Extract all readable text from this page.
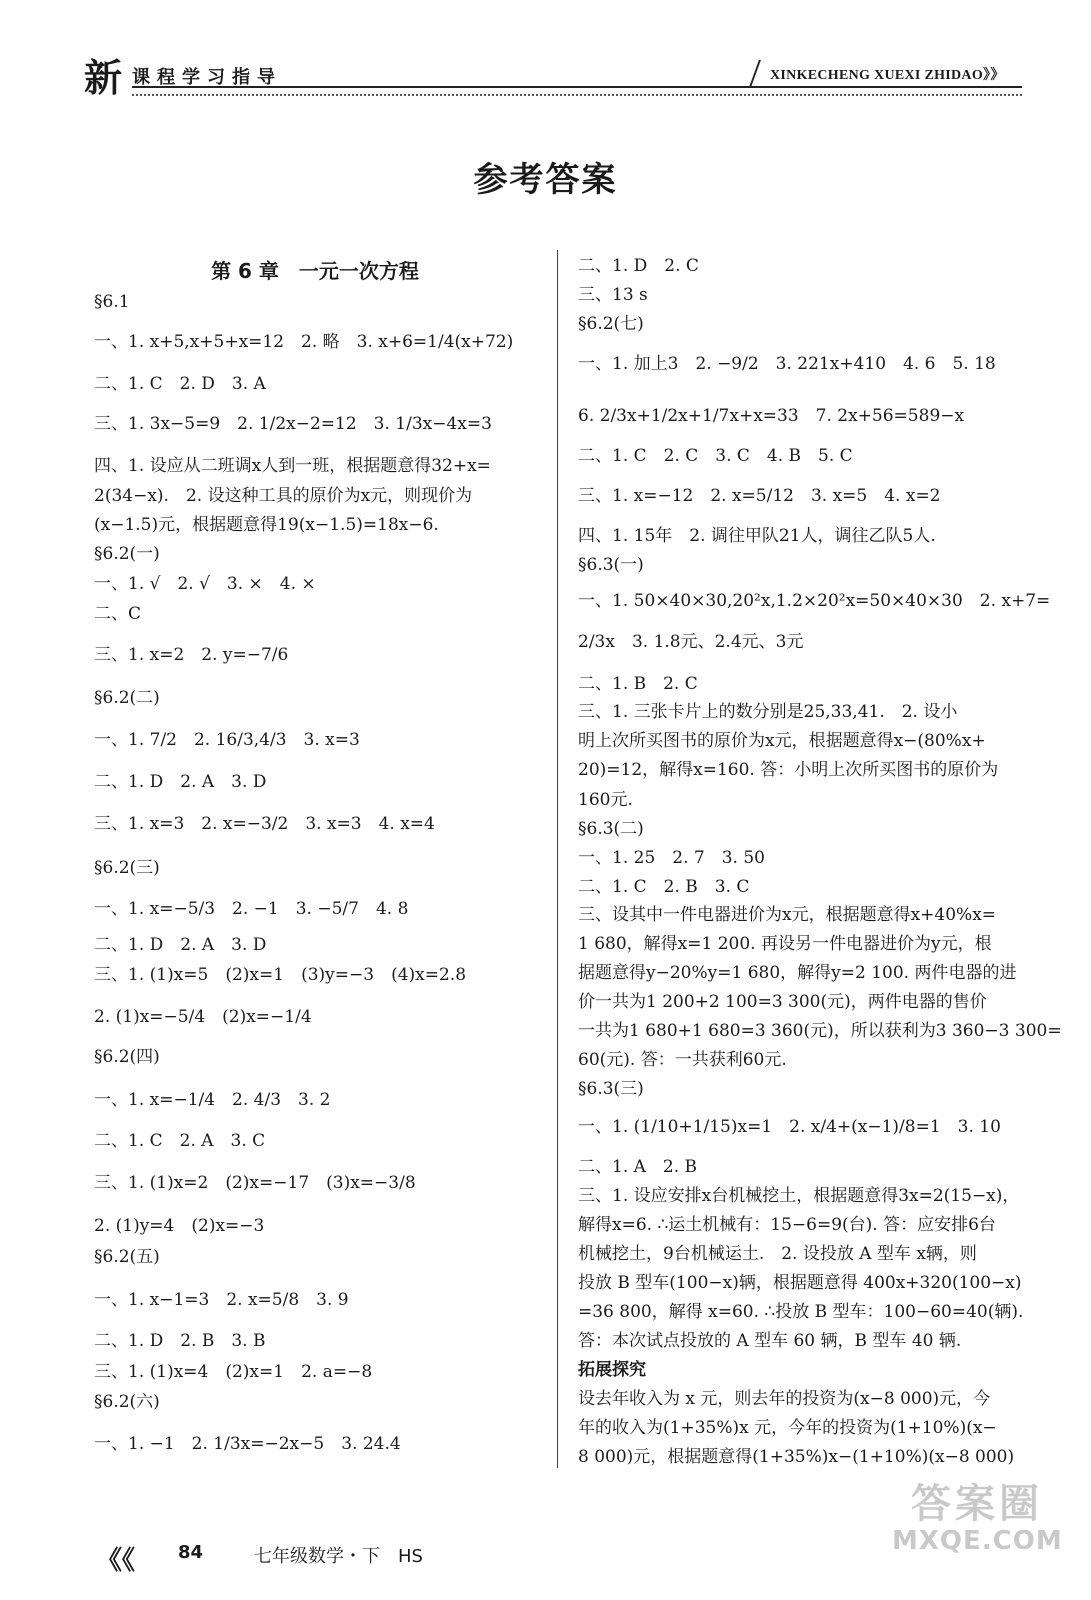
新 课程学习指导	XINKECHENG XUEXI ZHIDAO》》
参考答案
第 6 章　一元一次方程
§6.1
一、1. x+5,x+5+x=12　2. 略　3. x+6=1/4(x+72)
二、1. C　2. D　3. A
三、1. 3x−5=9　2. 1/2x−2=12　3. 1/3x−4x=3
四、1. 设应从二班调x人到一班，根据题意得32+x=
2(34−x).　2. 设这种工具的原价为x元，则现价为
(x−1.5)元，根据题意得19(x−1.5)=18x−6.
§6.2(一)
一、1. √　2. √　3. ×　4. ×
二、C
三、1. x=2　2. y=−7/6
§6.2(二)
一、1. 7/2　2. 16/3,4/3　3. x=3
二、1. D　2. A　3. D
三、1. x=3　2. x=−3/2　3. x=3　4. x=4
§6.2(三)
一、1. x=−5/3　2. −1　3. −5/7　4. 8
二、1. D　2. A　3. D
三、1. (1)x=5　(2)x=1　(3)y=−3　(4)x=2.8
2. (1)x=−5/4　(2)x=−1/4
§6.2(四)
一、1. x=−1/4　2. 4/3　3. 2
二、1. C　2. A　3. C
三、1. (1)x=2　(2)x=−17　(3)x=−3/8
2. (1)y=4　(2)x=−3
§6.2(五)
一、1. x−1=3　2. x=5/8　3. 9
二、1. D　2. B　3. B
三、1. (1)x=4　(2)x=1　2. a=−8
§6.2(六)
一、1. −1　2. 1/3x=−2x−5　3. 24.4
二、1. D　2. C
三、13 s
§6.2(七)
一、1. 加上3　2. −9/2　3. 221x+410　4. 6　5. 18
6. 2/3x+1/2x+1/7x+x=33　7. 2x+56=589−x
二、1. C　2. C　3. C　4. B　5. C
三、1. x=−12　2. x=5/12　3. x=5　4. x=2
四、1. 15年　2. 调往甲队21人，调往乙队5人.
§6.3(一)
一、1. 50×40×30,20²x,1.2×20²x=50×40×30　2. x+7=
2/3x　3. 1.8元、2.4元、3元
二、1. B　2. C
三、1. 三张卡片上的数分别是25,33,41.　2. 设小
明上次所买图书的原价为x元，根据题意得x−(80%x+
20)=12，解得x=160. 答：小明上次所买图书的原价为
160元.
§6.3(二)
一、1. 25　2. 7　3. 50
二、1. C　2. B　3. C
三、设其中一件电器进价为x元，根据题意得x+40%x=
1 680，解得x=1 200. 再设另一件电器进价为y元，根
据题意得y−20%y=1 680，解得y=2 100. 两件电器的进
价一共为1 200+2 100=3 300(元)，两件电器的售价
一共为1 680+1 680=3 360(元)，所以获利为3 360−3 300=
60(元). 答：一共获利60元.
§6.3(三)
一、1. (1/10+1/15)x=1　2. x/4+(x−1)/8=1　3. 10
二、1. A　2. B
三、1. 设应安排x台机械挖土，根据题意得3x=2(15−x)，
解得x=6. ∴运土机械有：15−6=9(台). 答：应安排6台
机械挖土，9台机械运土.　2. 设投放 A 型车 x辆，则
投放 B 型车(100−x)辆，根据题意得 400x+320(100−x)
=36 800，解得 x=60. ∴投放 B 型车：100−60=40(辆).
答：本次试点投放的 A 型车 60 辆，B 型车 40 辆.
拓展探究
设去年收入为 x 元，则去年的投资为(x−8 000)元，今
年的收入为(1+35%)x 元，今年的投资为(1+10%)(x−
8 000)元，根据题意得(1+35%)x−(1+10%)(x−8 000)
《《 84	七年级数学・下　HS
答案圈
MXQE.COM
